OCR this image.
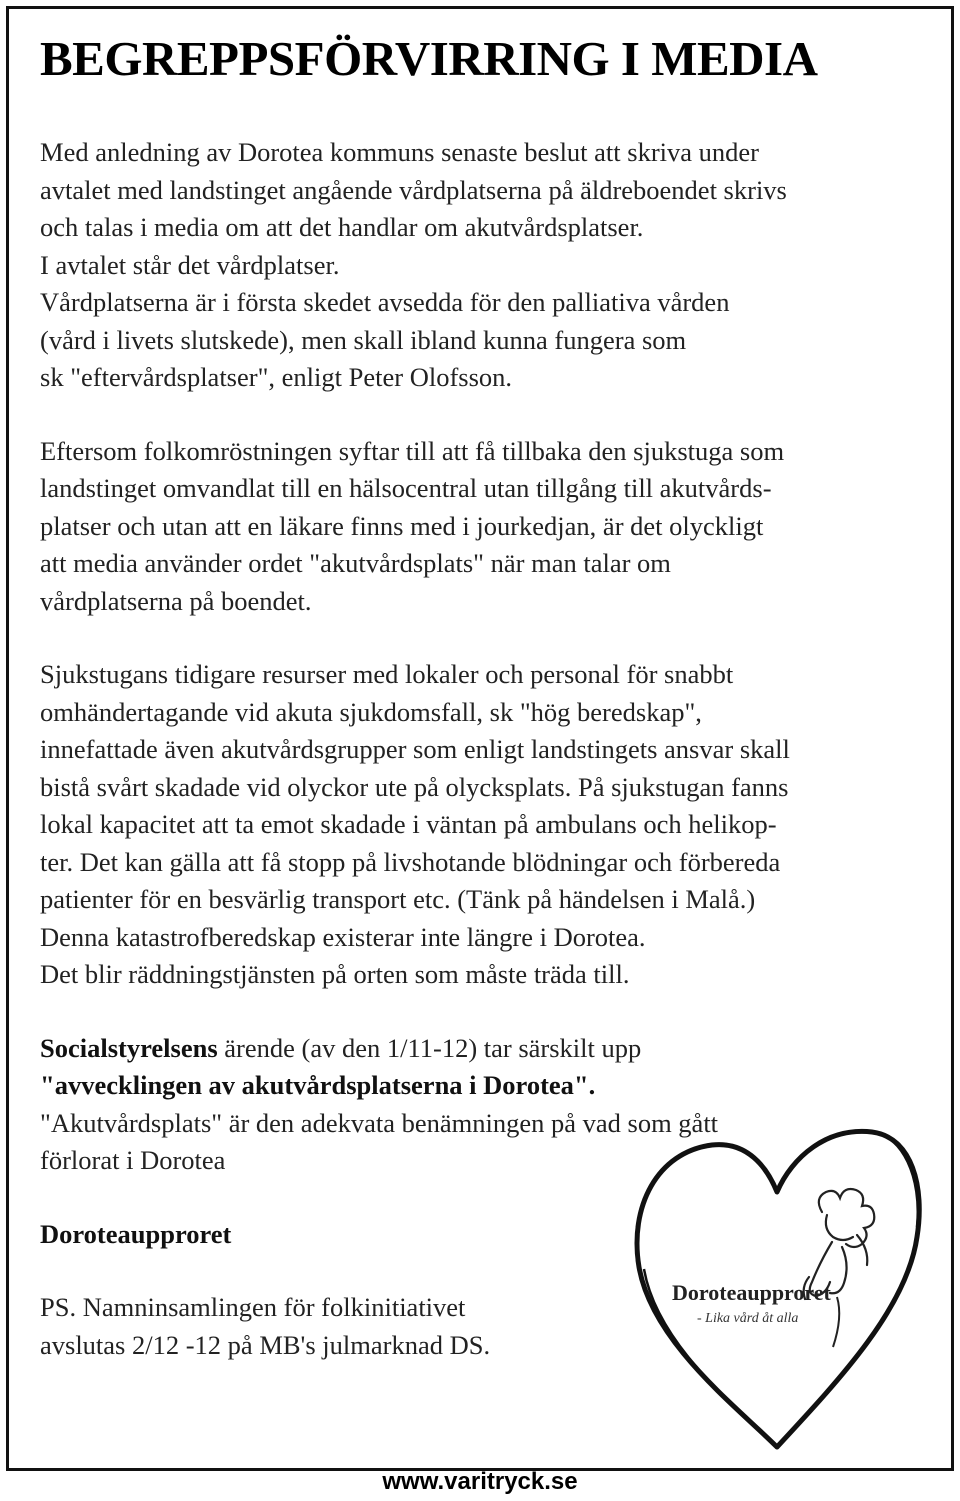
BEGREPPSFÖRVIRRING I MEDIA

Med anledning av Dorotea kommuns senaste beslut att skriva under
avtalet med landstinget angående vårdplatserna på äldreboendet skrivs
och talas i media om att det handlar om akutvårdsplatser.
I avtalet står det vårdplatser.
Vårdplatserna är i första skedet avsedda för den palliativa vården
(vård i livets slutskede), men skall ibland kunna fungera som
sk "eftervårdsplatser", enligt Peter Olofsson.

Eftersom folkomröstningen syftar till att få tillbaka den sjukstuga som
landstinget omvandlat till en hälsocentral utan tillgång till akutvårds-
platser och utan att en läkare finns med i jourkedjan, är det olyckligt
att media använder ordet "akutvårdsplats" när man talar om
vårdplatserna på boendet.

Sjukstugans tidigare resurser med lokaler och personal för snabbt
omhändertagande vid akuta sjukdomsfall, sk "hög beredskap",
innefattade även akutvårdsgrupper som enligt landstingets ansvar skall
bistå svårt skadade vid olyckor ute på olycksplats. På sjukstugan fanns
lokal kapacitet att ta emot skadade i väntan på ambulans och helikop-
ter. Det kan gälla att få stopp på livshotande blödningar och förbereda
patienter för en besvärlig transport etc. (Tänk på händelsen i Malå.)
Denna katastrofberedskap existerar inte längre i Dorotea.
Det blir räddningstjänsten på orten som måste träda till.

Socialstyrelsens ärende (av den 1/11-12) tar särskilt upp
"avvecklingen av akutvårdsplatserna i Dorotea".
"Akutvårdsplats" är den adekvata benämningen på vad som gått
förlorat i Dorotea

Doroteaupproret

PS. Namninsamlingen för folkinitiativet
avslutas 2/12 -12 på MB's julmarknad DS.

Doroteaupproret
- Lika vård åt alla
www.varitryck.se
